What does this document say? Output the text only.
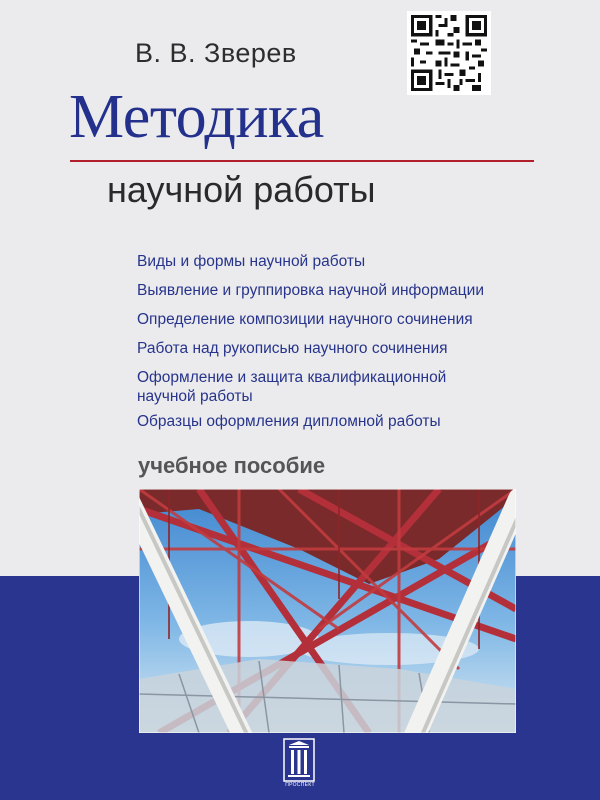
В. В. Зверев
Методика
научной работы
Виды и формы научной работы
Выявление и группировка научной информации
Определение композиции научного сочинения
Работа над рукописью научного сочинения
Оформление и защита квалификационной научной работы
Образцы оформления дипломной работы
учебное пособие
ПРОСПЕКТ
